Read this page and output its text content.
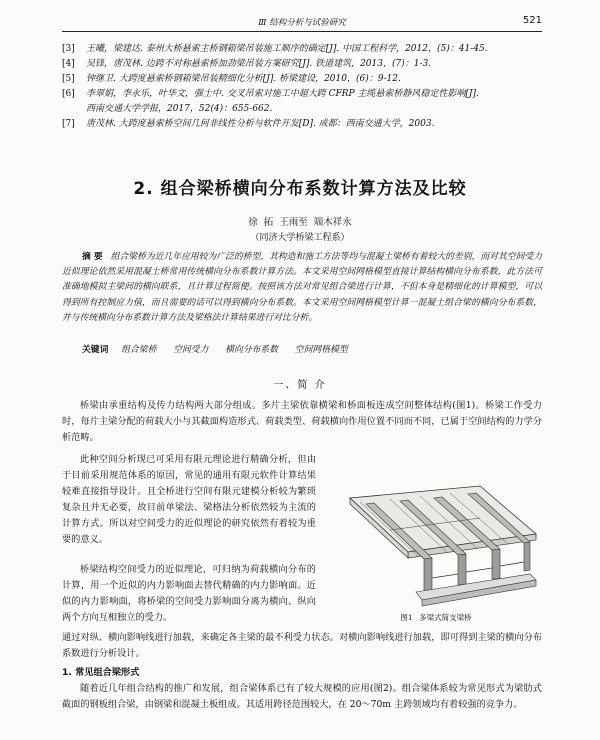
Ⅲ 结构分析与试验研究	521
[3] 王曦，梁建达. 泰州大桥悬索主桥钢箱梁吊装施工顺序的确定[J]. 中国工程科学，2012，(5)：41-45.
[4] 吴锋，唐茂林. 边跨不对称悬索桥加劲梁吊装方案研究[J]. 铁道建筑，2013，(7)：1-3.
[5] 钟继卫. 大跨度悬索桥钢箱梁吊装精细化分析[J]. 桥梁建设，2010，(6)：9-12.
[6] 李翠娟，李永乐，叶华文，强士中. 交叉吊索对施工中超大跨 CFRP 主缆悬索桥静风稳定性影响[J].
西南交通大学学报，2017，52(4)：655-662.
[7] 唐茂林. 大跨度悬索桥空间几何非线性分析与软件开发[D]. 成都：西南交通大学，2003.
2. 组合梁桥横向分布系数计算方法及比较
徐 拓 王雨至 端木祥永
（同济大学桥梁工程系）
摘 要 组合梁桥为近几年应用较为广泛的桥型，其构造和施工方法等均与混凝土梁桥有着较大的差别，而对其空间受力近似理论依然采用混凝土桥常用传统横向分布系数计算方法。本文采用空间网格模型直接计算结构横向分布系数，此方法可准确地模拟主梁间的横向联系，且计算过程简便。按照该方法对常见组合梁进行计算，不但本身是精细化的计算模型，可以得到所有控制应力值，而且需要的话可以得到横向分布系数。本文采用空间网格模型计算一混凝土组合梁的横向分布系数，并与传统横向分布系数计算方法及梁格法计算结果进行对比分析。
关键词 组合梁桥 空间受力 横向分布系数 空间网格模型
一、简 介
桥梁由承重结构及传力结构两大部分组成。多片主梁依靠横梁和桥面板连成空间整体结构(图1)。桥梁工作受力时，每片主梁分配的荷载大小与其截面构造形式、荷载类型、荷载横向作用位置不同而不同，已属于空间结构的力学分析范畴。
此种空间分析现已可采用有限元理论进行精确分析，但由于目前采用规范体系的原因，常见的通用有限元软件计算结果较难直接指导设计。且全桥进行空间有限元建模分析较为繁琐复杂且并无必要，故目前单梁法、梁格法分析依然较为主流的计算方式。所以对空间受力的近似理论的研究依然有着较为重要的意义。
桥梁结构空间受力的近似理论，可归纳为荷载横向分布的计算，用一个近似的内力影响面去替代精确的内力影响面。近似的内力影响面，将桥梁的空间受力影响面分离为横向、纵向两个方向互相独立的受力。
通过对纵、横向影响线进行加载，来确定各主梁的最不利受力状态。对横向影响线进行加载，即可得到主梁的横向分布系数进行分析设计。
1. 常见组合梁形式
随着近几年组合结构的推广和发展，组合梁体系已有了较大规模的应用(图2)。组合梁体系较为常见形式为梁肋式截面的钢板组合梁，由钢梁和混凝土板组成。其适用跨径范围较大，在 20～70m 主跨领域均有着较强的竞争力。
图1 多梁式简支梁桥
